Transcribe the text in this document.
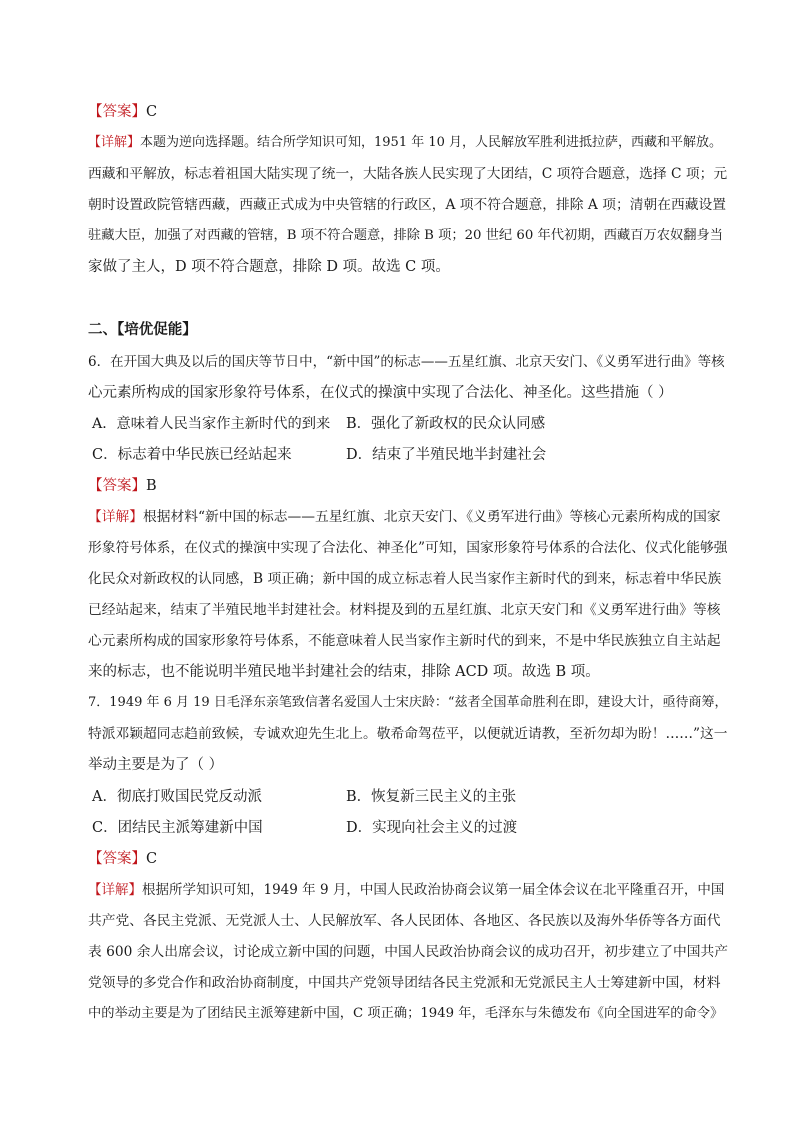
【答案】C
【详解】本题为逆向选择题。结合所学知识可知，1951 年 10 月，人民解放军胜利进抵拉萨，西藏和平解放。
西藏和平解放，标志着祖国大陆实现了统一，大陆各族人民实现了大团结，C 项符合题意，选择 C 项；元
朝时设置政院管辖西藏，西藏正式成为中央管辖的行政区，A 项不符合题意，排除 A 项；清朝在西藏设置
驻藏大臣，加强了对西藏的管辖，B 项不符合题意，排除 B 项；20 世纪 60 年代初期，西藏百万农奴翻身当
家做了主人，D 项不符合题意，排除 D 项。故选 C 项。
二、【培优促能】
6．在开国大典及以后的国庆等节日中，“新中国”的标志——五星红旗、北京天安门、《义勇军进行曲》等核
心元素所构成的国家形象符号体系，在仪式的操演中实现了合法化、神圣化。这些措施（ ）
A．意味着人民当家作主新时代的到来 B．强化了新政权的民众认同感
C．标志着中华民族已经站起来	D．结束了半殖民地半封建社会
【答案】B
【详解】根据材料“新中国的标志——五星红旗、北京天安门、《义勇军进行曲》等核心元素所构成的国家
形象符号体系，在仪式的操演中实现了合法化、神圣化”可知，国家形象符号体系的合法化、仪式化能够强
化民众对新政权的认同感，B 项正确；新中国的成立标志着人民当家作主新时代的到来，标志着中华民族
已经站起来，结束了半殖民地半封建社会。材料提及到的五星红旗、北京天安门和《义勇军进行曲》等核
心元素所构成的国家形象符号体系，不能意味着人民当家作主新时代的到来，不是中华民族独立自主站起
来的标志，也不能说明半殖民地半封建社会的结束，排除 ACD 项。故选 B 项。
7．1949 年 6 月 19 日毛泽东亲笔致信著名爱国人士宋庆龄：“兹者全国革命胜利在即，建设大计，亟待商筹，
特派邓颖超同志趋前致候，专诚欢迎先生北上。敬希命驾莅平，以便就近请教，至祈勿却为盼！……”这一
举动主要是为了（ ）
A．彻底打败国民党反动派	B．恢复新三民主义的主张
C．团结民主派筹建新中国	D．实现向社会主义的过渡
【答案】C
【详解】根据所学知识可知，1949 年 9 月，中国人民政治协商会议第一届全体会议在北平隆重召开，中国
共产党、各民主党派、无党派人士、人民解放军、各人民团体、各地区、各民族以及海外华侨等各方面代
表 600 余人出席会议，讨论成立新中国的问题，中国人民政治协商会议的成功召开，初步建立了中国共产
党领导的多党合作和政治协商制度，中国共产党领导团结各民主党派和无党派民主人士筹建新中国，材料
中的举动主要是为了团结民主派筹建新中国，C 项正确；1949 年，毛泽东与朱德发布《向全国进军的命令》
